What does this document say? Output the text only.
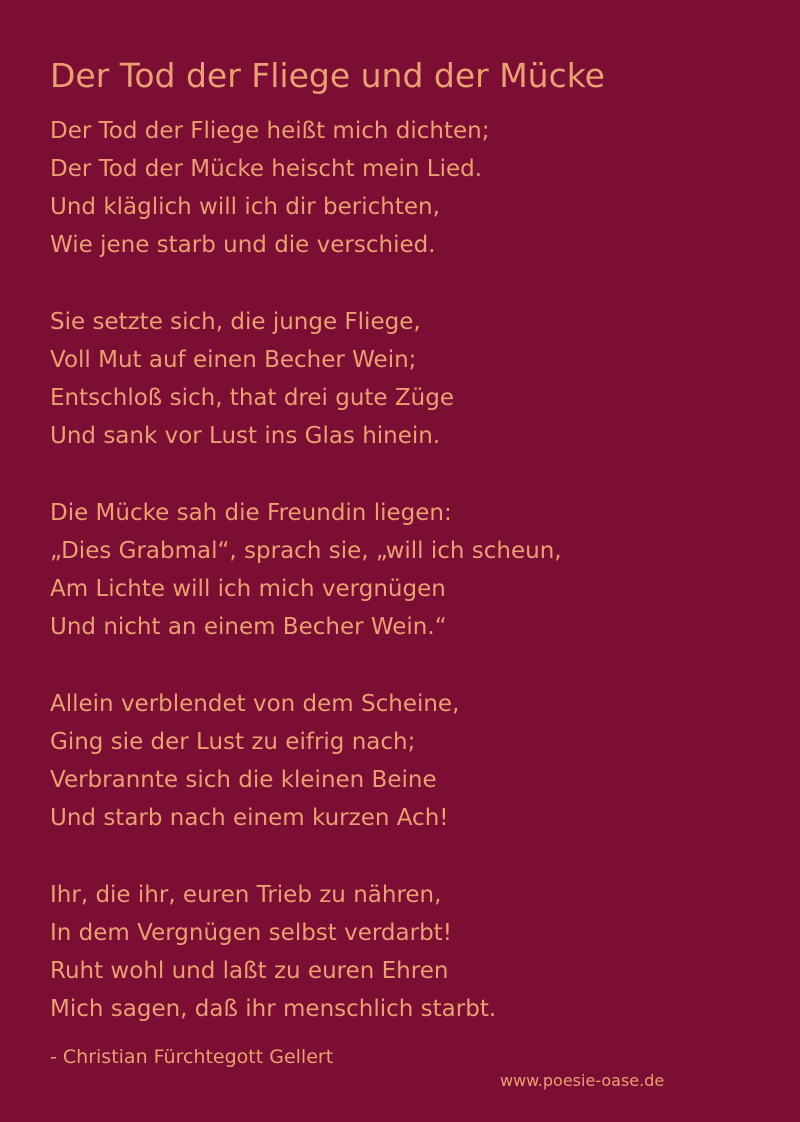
Der Tod der Fliege und der Mücke
Der Tod der Fliege heißt mich dichten;
Der Tod der Mücke heischt mein Lied.
Und kläglich will ich dir berichten,
Wie jene starb und die verschied.
Sie setzte sich, die junge Fliege,
Voll Mut auf einen Becher Wein;
Entschloß sich, that drei gute Züge
Und sank vor Lust ins Glas hinein.
Die Mücke sah die Freundin liegen:
„Dies Grabmal“, sprach sie, „will ich scheun,
Am Lichte will ich mich vergnügen
Und nicht an einem Becher Wein.“
Allein verblendet von dem Scheine,
Ging sie der Lust zu eifrig nach;
Verbrannte sich die kleinen Beine
Und starb nach einem kurzen Ach!
Ihr, die ihr, euren Trieb zu nähren,
In dem Vergnügen selbst verdarbt!
Ruht wohl und laßt zu euren Ehren
Mich sagen, daß ihr menschlich starbt.
- Christian Fürchtegott Gellert
www.poesie-oase.de
